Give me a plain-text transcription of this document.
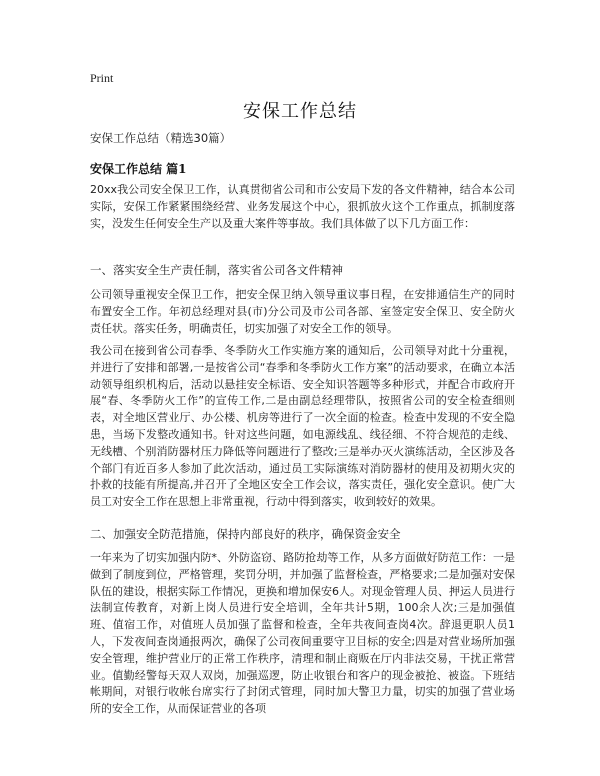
Print
安保工作总结
安保工作总结（精选30篇）
安保工作总结 篇1
20xx我公司安全保卫工作，认真贯彻省公司和市公安局下发的各文件精神，结合本公司实际，安保工作紧紧围绕经营、业务发展这个中心，狠抓放火这个工作重点，抓制度落实，没发生任何安全生产以及重大案件等事故。我们具体做了以下几方面工作：
一、落实安全生产责任制，落实省公司各文件精神
公司领导重视安全保卫工作，把安全保卫纳入领导重议事日程，在安排通信生产的同时布置安全工作。年初总经理对县(市)分公司及市公司各部、室签定安全保卫、安全防火责任状。落实任务，明确责任，切实加强了对安全工作的领导。
我公司在接到省公司春季、冬季防火工作实施方案的通知后，公司领导对此十分重视，并进行了安排和部署,一是按省公司“春季和冬季防火工作方案”的活动要求，在确立本活动领导组织机构后，活动以悬挂安全标语、安全知识答题等多种形式，并配合市政府开展“春、冬季防火工作”的宣传工作,二是由副总经理带队，按照省公司的安全检查细则表，对全地区营业厅、办公楼、机房等进行了一次全面的检查。检查中发现的不安全隐患，当场下发整改通知书。针对这些问题，如电源线乱、线径细、不符合规范的走线、无线槽、个别消防器材压力降低等问题进行了整改;三是举办灭火演练活动，全区涉及各个部门有近百多人参加了此次活动，通过员工实际演练对消防器材的使用及初期火灾的扑救的技能有所提高,并召开了全地区安全工作会议，落实责任，强化安全意识。使广大员工对安全工作在思想上非常重视，行动中得到落实，收到较好的效果。
二、加强安全防范措施，保持内部良好的秩序，确保资金安全
一年来为了切实加强内防*、外防盗窃、路防抢劫等工作，从多方面做好防范工作：一是做到了制度到位，严格管理，奖罚分明，并加强了监督检查，严格要求;二是加强对安保队伍的建设，根据实际工作情况，更换和增加保安6人。对现金管理人员、押运人员进行法制宣传教育，对新上岗人员进行安全培训，全年共计5期，100余人次;三是加强值班、值宿工作，对值班人员加强了监督和检查，全年共夜间查岗4次。辞退更职人员1人，下发夜间查岗通报两次，确保了公司夜间重要守卫目标的安全;四是对营业场所加强安全管理，维护营业厅的正常工作秩序，清理和制止商贩在厅内非法交易，干扰正常营业。值勤经警每天双人双岗，加强巡逻，防止收银台和客户的现金被抢、被盗。下班结帐期间，对银行收帐台席实行了封闭式管理，同时加大警卫力量，切实的加强了营业场所的安全工作，从而保证营业的各项
